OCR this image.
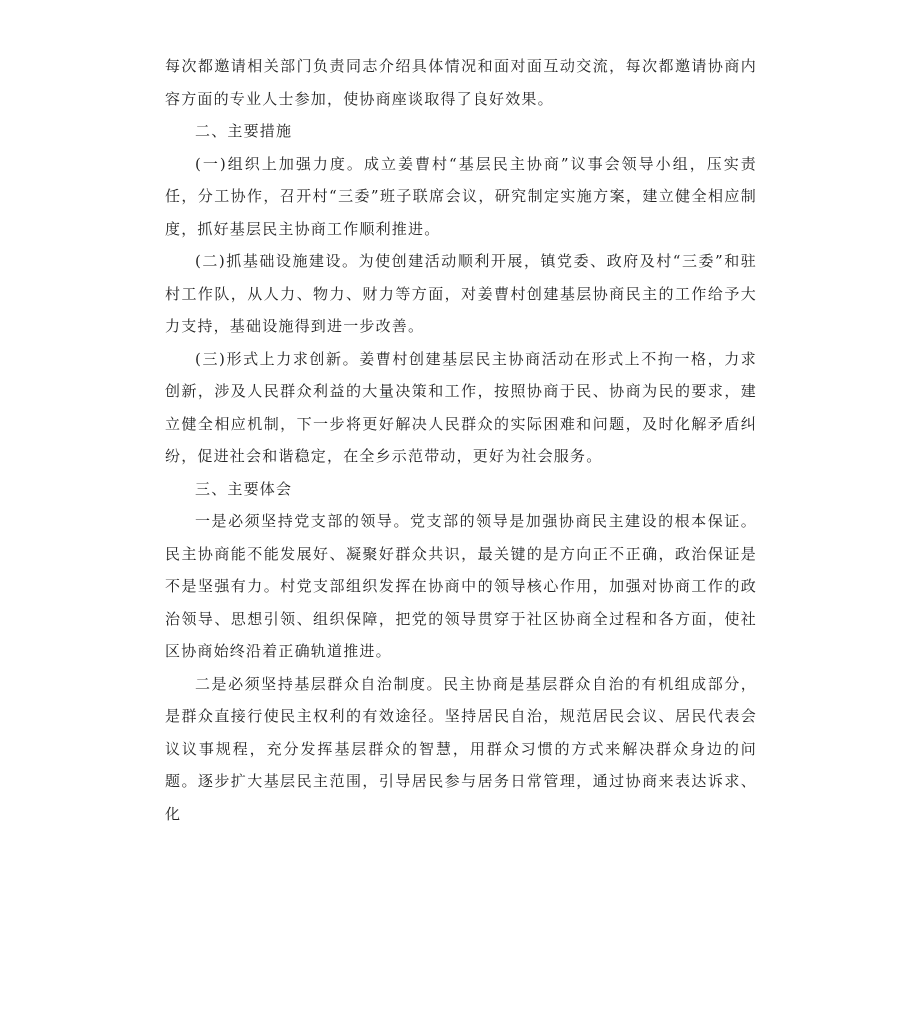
每次都邀请相关部门负责同志介绍具体情况和面对面互动交流，每次都邀请协商内容方面的专业人士参加，使协商座谈取得了良好效果。

二、主要措施

(一)组织上加强力度。成立姜曹村“基层民主协商”议事会领导小组，压实责任，分工协作，召开村“三委”班子联席会议，研究制定实施方案，建立健全相应制度，抓好基层民主协商工作顺利推进。

(二)抓基础设施建设。为使创建活动顺利开展，镇党委、政府及村“三委”和驻村工作队，从人力、物力、财力等方面，对姜曹村创建基层协商民主的工作给予大力支持，基础设施得到进一步改善。

(三)形式上力求创新。姜曹村创建基层民主协商活动在形式上不拘一格，力求创新，涉及人民群众利益的大量决策和工作，按照协商于民、协商为民的要求，建立健全相应机制，下一步将更好解决人民群众的实际困难和问题，及时化解矛盾纠纷，促进社会和谐稳定，在全乡示范带动，更好为社会服务。

三、主要体会

一是必须坚持党支部的领导。党支部的领导是加强协商民主建设的根本保证。民主协商能不能发展好、凝聚好群众共识，最关键的是方向正不正确，政治保证是不是坚强有力。村党支部组织发挥在协商中的领导核心作用，加强对协商工作的政治领导、思想引领、组织保障，把党的领导贯穿于社区协商全过程和各方面，使社区协商始终沿着正确轨道推进。

二是必须坚持基层群众自治制度。民主协商是基层群众自治的有机组成部分，是群众直接行使民主权利的有效途径。坚持居民自治，规范居民会议、居民代表会议议事规程，充分发挥基层群众的智慧，用群众习惯的方式来解决群众身边的问题。逐步扩大基层民主范围，引导居民参与居务日常管理，通过协商来表达诉求、化
